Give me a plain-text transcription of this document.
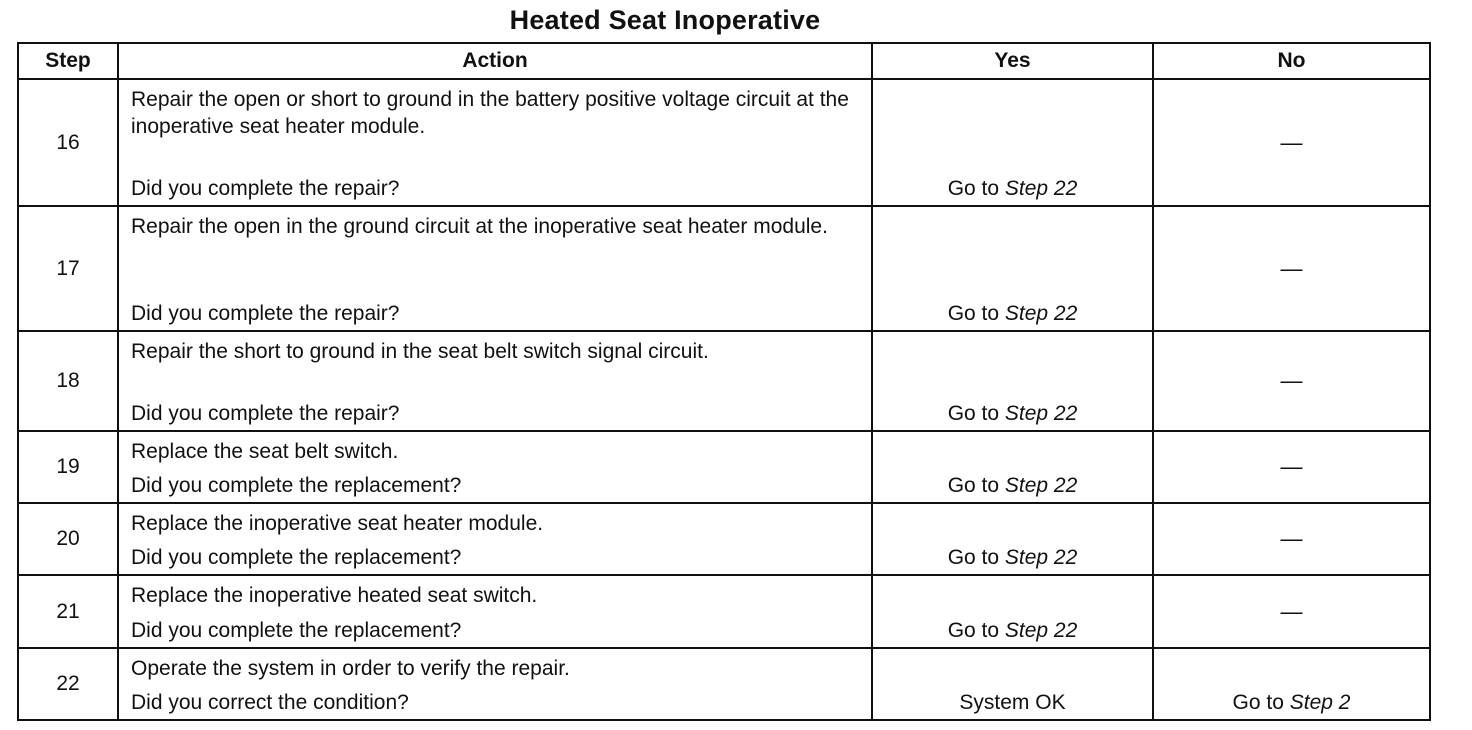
Heated Seat Inoperative
Step	Action	Yes	No
16	Repair the open or short to ground in the battery positive voltage circuit at the inoperative seat heater module.
Did you complete the repair?	Go to Step 22	—

17	Repair the open in the ground circuit at the inoperative seat heater module.
Did you complete the repair?	Go to Step 22	—

18	Repair the short to ground in the seat belt switch signal circuit.
Did you complete the repair?	Go to Step 22	—

19	Replace the seat belt switch.
Did you complete the replacement?	Go to Step 22	—

20	Replace the inoperative seat heater module.
Did you complete the replacement?	Go to Step 22	—

21	Replace the inoperative heated seat switch.
Did you complete the replacement?	Go to Step 22	—

22	Operate the system in order to verify the repair.
Did you correct the condition?	System OK	Go to Step 2
